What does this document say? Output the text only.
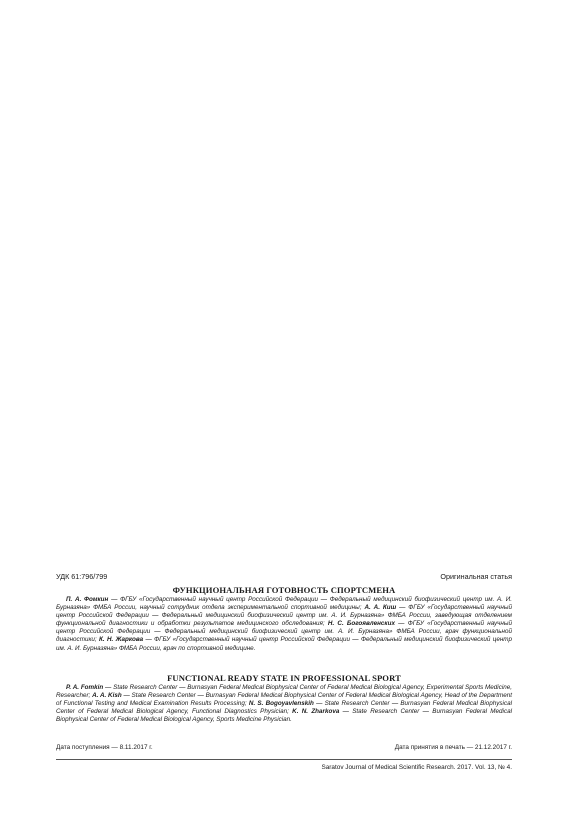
УДК 61:796/799	Оригинальная статья
ФУНКЦИОНАЛЬНАЯ ГОТОВНОСТЬ СПОРТСМЕНА

П. А. Фомкин — ФГБУ «Государственный научный центр Российской Федерации — Федеральный медицинский биофизический центр им. А. И. Бурназяна» ФМБА России, научный сотрудник отдела экспериментальной спортивной медицины; А. А. Киш — ФГБУ «Государственный научный центр Российской Федерации — Федеральный медицинский биофизический центр им. А. И. Бурназяна» ФМБА России, заведующая отделением функциональной диагностики и обработки результатов медицинского обследования; Н. С. Богоявленских — ФГБУ «Государственный научный центр Российской Федерации — Федеральный медицинский биофизический центр им. А. И. Бурназяна» ФМБА России, врач функциональной диагностики; К. Н. Жаркова — ФГБУ «Государственный научный центр Российской Федерации — Федеральный медицинский биофизический центр им. А. И. Бурназяна» ФМБА России, врач по спортивной медицине.

FUNCTIONAL READY STATE IN PROFESSIONAL SPORT

P. A. Fomkin — State Research Center — Burnasyan Federal Medical Biophysical Center of Federal Medical Biological Agency, Experimental Sports Medicine, Researcher; A. A. Kish — State Research Center — Burnasyan Federal Medical Biophysical Center of Federal Medical Biological Agency, Head of the Department of Functional Testing and Medical Examination Results Processing; N. S. Bogoyavlenskih — State Research Center — Burnasyan Federal Medical Biophysical Center of Federal Medical Biological Agency, Functional Diagnostics Physician; K. N. Zharkova — State Research Center — Burnasyan Federal Medical Biophysical Center of Federal Medical Biological Agency, Sports Medicine Physician.

Дата поступления — 8.11.2017 г.	Дата принятия в печать — 21.12.2017 г.
Saratov Journal of Medical Scientific Research. 2017. Vol. 13, № 4.
